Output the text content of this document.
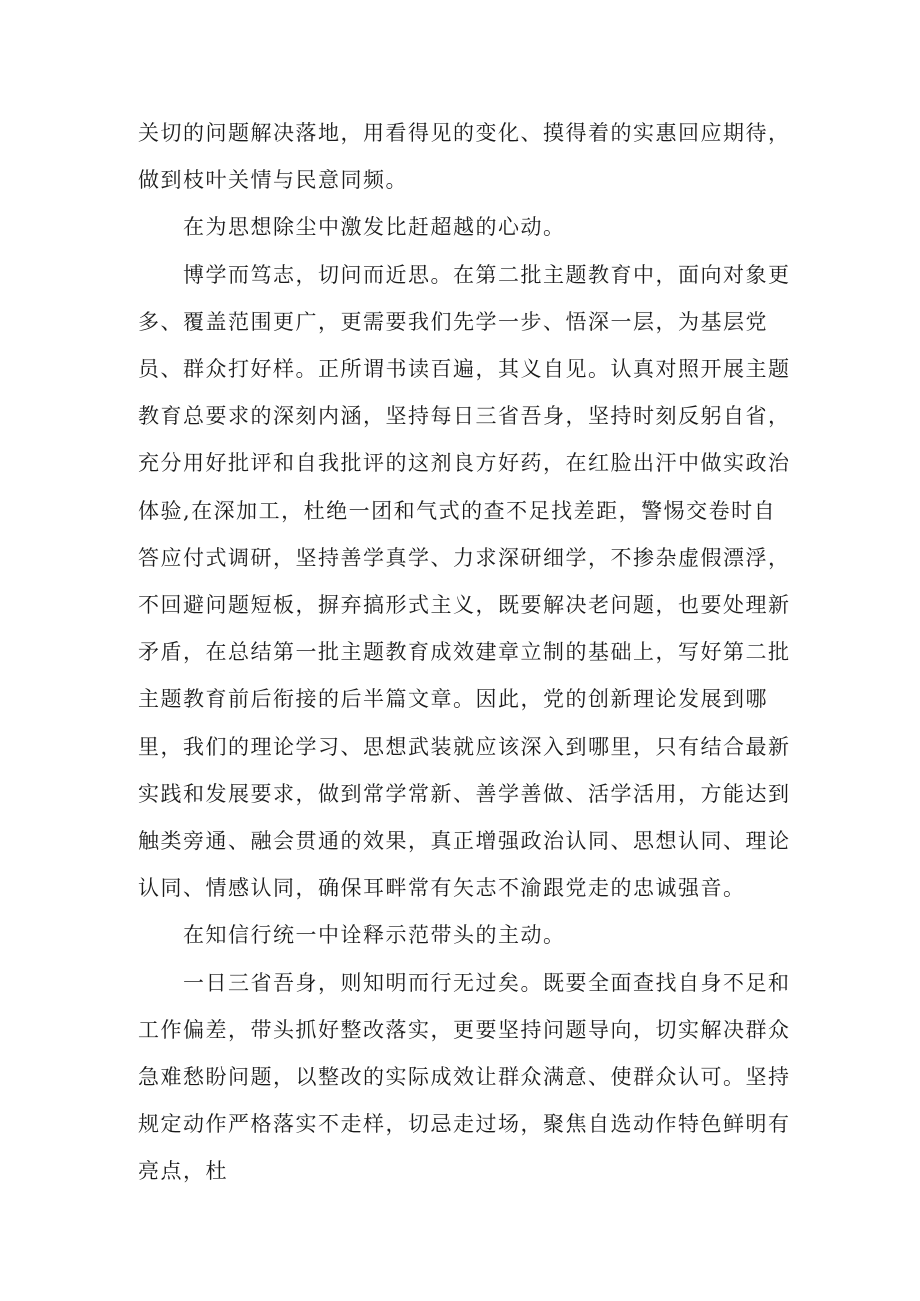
关切的问题解决落地，用看得见的变化、摸得着的实惠回应期待，做到枝叶关情与民意同频。

在为思想除尘中激发比赶超越的心动。

博学而笃志，切问而近思。在第二批主题教育中，面向对象更多、覆盖范围更广，更需要我们先学一步、悟深一层，为基层党员、群众打好样。正所谓书读百遍，其义自见。认真对照开展主题教育总要求的深刻内涵，坚持每日三省吾身，坚持时刻反躬自省，充分用好批评和自我批评的这剂良方好药，在红脸出汗中做实政治体验,在深加工，杜绝一团和气式的查不足找差距，警惕交卷时自答应付式调研，坚持善学真学、力求深研细学，不掺杂虚假漂浮，不回避问题短板，摒弃搞形式主义，既要解决老问题，也要处理新矛盾，在总结第一批主题教育成效建章立制的基础上，写好第二批主题教育前后衔接的后半篇文章。因此，党的创新理论发展到哪里，我们的理论学习、思想武装就应该深入到哪里，只有结合最新实践和发展要求，做到常学常新、善学善做、活学活用，方能达到触类旁通、融会贯通的效果，真正增强政治认同、思想认同、理论认同、情感认同，确保耳畔常有矢志不渝跟党走的忠诚强音。

在知信行统一中诠释示范带头的主动。

一日三省吾身，则知明而行无过矣。既要全面查找自身不足和工作偏差，带头抓好整改落实，更要坚持问题导向，切实解决群众急难愁盼问题，以整改的实际成效让群众满意、使群众认可。坚持规定动作严格落实不走样，切忌走过场，聚焦自选动作特色鲜明有亮点，杜
